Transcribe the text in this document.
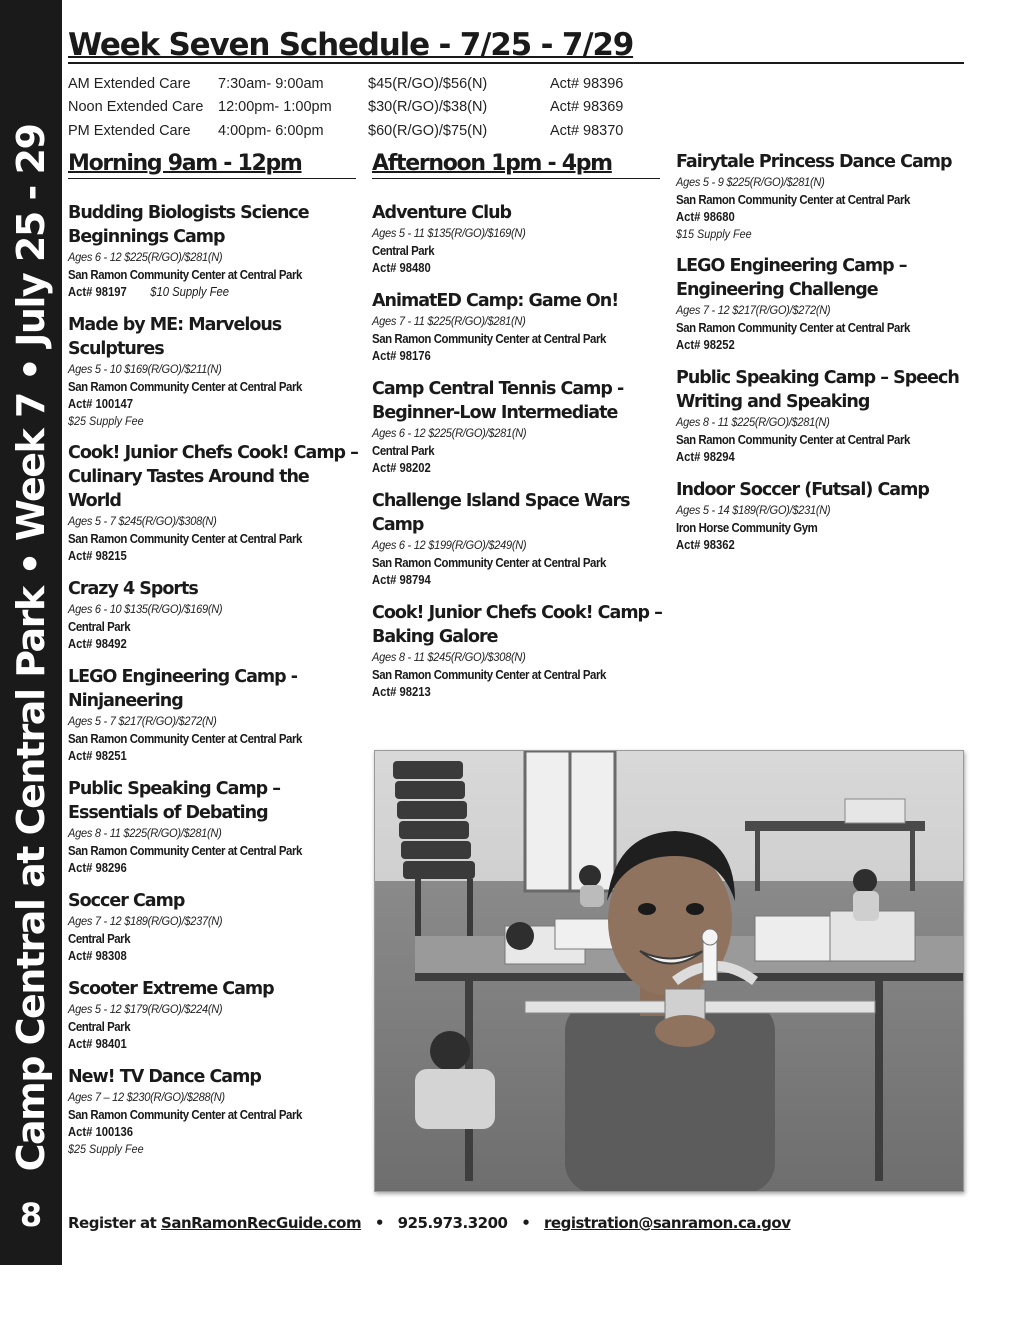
Camp Central at Central Park • Week 7 • July 25 - 29
8
Week Seven Schedule - 7/25 - 7/29
AM Extended Care	7:30am- 9:00am	$45(R/GO)/$56(N)	Act# 98396
Noon Extended Care	12:00pm- 1:00pm	$30(R/GO)/$38(N)	Act# 98369
PM Extended Care	4:00pm- 6:00pm	$60(R/GO)/$75(N)	Act# 98370
Morning 9am - 12pm
Budding Biologists Science Beginnings Camp
Ages 6 - 12 $225(R/GO)/$281(N)
San Ramon Community Center at Central Park
Act# 98197 $10 Supply Fee
Made by ME: Marvelous Sculptures
Ages 5 - 10 $169(R/GO)/$211(N)
San Ramon Community Center at Central Park
Act# 100147
$25 Supply Fee
Cook! Junior Chefs Cook! Camp – Culinary Tastes Around the World
Ages 5 - 7 $245(R/GO)/$308(N)
San Ramon Community Center at Central Park
Act# 98215
Crazy 4 Sports
Ages 6 - 10 $135(R/GO)/$169(N)
Central Park
Act# 98492
LEGO Engineering Camp - Ninjaneering
Ages 5 - 7 $217(R/GO)/$272(N)
San Ramon Community Center at Central Park
Act# 98251
Public Speaking Camp – Essentials of Debating
Ages 8 - 11 $225(R/GO)/$281(N)
San Ramon Community Center at Central Park
Act# 98296
Soccer Camp
Ages 7 - 12 $189(R/GO)/$237(N)
Central Park
Act# 98308
Scooter Extreme Camp
Ages 5 - 12 $179(R/GO)/$224(N)
Central Park
Act# 98401
New! TV Dance Camp
Ages 7 – 12 $230(R/GO)/$288(N)
San Ramon Community Center at Central Park
Act# 100136
$25 Supply Fee
Afternoon 1pm - 4pm
Adventure Club
Ages 5 - 11 $135(R/GO)/$169(N)
Central Park
Act# 98480
AnimatED Camp: Game On!
Ages 7 - 11 $225(R/GO)/$281(N)
San Ramon Community Center at Central Park
Act# 98176
Camp Central Tennis Camp - Beginner-Low Intermediate
Ages 6 - 12 $225(R/GO)/$281(N)
Central Park
Act# 98202
Challenge Island Space Wars Camp
Ages 6 - 12 $199(R/GO)/$249(N)
San Ramon Community Center at Central Park
Act# 98794
Cook! Junior Chefs Cook! Camp – Baking Galore
Ages 8 - 11 $245(R/GO)/$308(N)
San Ramon Community Center at Central Park
Act# 98213
Fairytale Princess Dance Camp
Ages 5 - 9 $225(R/GO)/$281(N)
San Ramon Community Center at Central Park
Act# 98680
$15 Supply Fee
LEGO Engineering Camp – Engineering Challenge
Ages 7 - 12 $217(R/GO)/$272(N)
San Ramon Community Center at Central Park
Act# 98252
Public Speaking Camp – Speech Writing and Speaking
Ages 8 - 11 $225(R/GO)/$281(N)
San Ramon Community Center at Central Park
Act# 98294
Indoor Soccer (Futsal) Camp
Ages 5 - 14 $189(R/GO)/$231(N)
Iron Horse Community Gym
Act# 98362
Register at SanRamonRecGuide.com • 925.973.3200 • registration@sanramon.ca.gov
